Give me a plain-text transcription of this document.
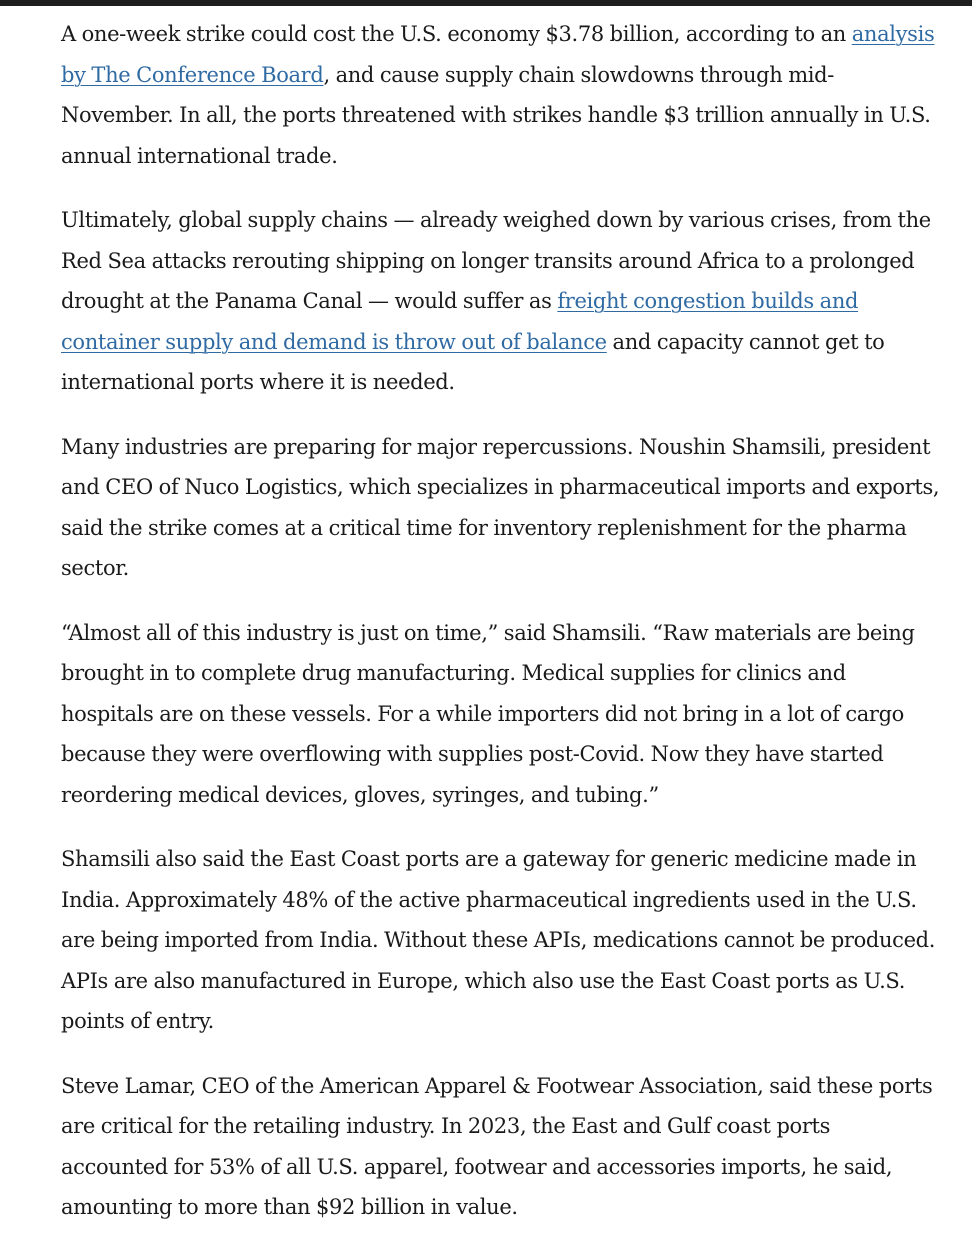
A one-week strike could cost the U.S. economy $3.78 billion, according to an analysis by The Conference Board, and cause supply chain slowdowns through mid-November. In all, the ports threatened with strikes handle $3 trillion annually in U.S. annual international trade.

Ultimately, global supply chains — already weighed down by various crises, from the Red Sea attacks rerouting shipping on longer transits around Africa to a prolonged drought at the Panama Canal — would suffer as freight congestion builds and container supply and demand is throw out of balance and capacity cannot get to international ports where it is needed.

Many industries are preparing for major repercussions. Noushin Shamsili, president and CEO of Nuco Logistics, which specializes in pharmaceutical imports and exports, said the strike comes at a critical time for inventory replenishment for the pharma sector.

“Almost all of this industry is just on time,” said Shamsili. “Raw materials are being brought in to complete drug manufacturing. Medical supplies for clinics and hospitals are on these vessels. For a while importers did not bring in a lot of cargo because they were overflowing with supplies post-Covid. Now they have started reordering medical devices, gloves, syringes, and tubing.”

Shamsili also said the East Coast ports are a gateway for generic medicine made in India. Approximately 48% of the active pharmaceutical ingredients used in the U.S. are being imported from India. Without these APIs, medications cannot be produced. APIs are also manufactured in Europe, which also use the East Coast ports as U.S. points of entry.

Steve Lamar, CEO of the American Apparel & Footwear Association, said these ports are critical for the retailing industry. In 2023, the East and Gulf coast ports accounted for 53% of all U.S. apparel, footwear and accessories imports, he said, amounting to more than $92 billion in value.
